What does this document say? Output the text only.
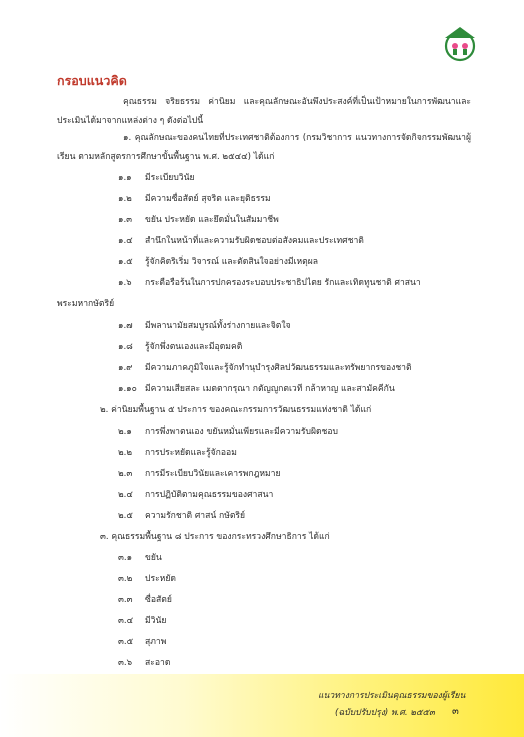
กรอบแนวคิด
คุณธรรม จริยธรรม ค่านิยม และคุณลักษณะอันพึงประสงค์ที่เป็นเป้าหมายในการพัฒนาและประเมินได้มาจากแหล่งต่าง ๆ ดังต่อไปนี้
๑. คุณลักษณะของคนไทยที่ประเทศชาติต้องการ (กรมวิชาการ แนวทางการจัดกิจกรรมพัฒนาผู้เรียน ตามหลักสูตรการศึกษาขั้นพื้นฐาน พ.ศ. ๒๕๔๔) ได้แก่
๑.๑ มีระเบียบวินัย
๑.๒ มีความซื่อสัตย์ สุจริต และยุติธรรม
๑.๓ ขยัน ประหยัด และยึดมั่นในสัมมาชีพ
๑.๔ สำนึกในหน้าที่และความรับผิดชอบต่อสังคมและประเทศชาติ
๑.๕ รู้จักคิดริเริ่ม วิจารณ์ และตัดสินใจอย่างมีเหตุผล
๑.๖ กระตือรือร้นในการปกครองระบอบประชาธิปไตย รักและเทิดทูนชาติ ศาสนา
พระมหากษัตริย์
๑.๗ มีพลานามัยสมบูรณ์ทั้งร่างกายและจิตใจ
๑.๘ รู้จักพึ่งตนเองและมีอุดมคติ
๑.๙ มีความภาคภูมิใจและรู้จักทำนุบำรุงศิลปวัฒนธรรมและทรัพยากรของชาติ
๑.๑๐ มีความเสียสละ เมตตากรุณา กตัญญูกตเวที กล้าหาญ และสามัคคีกัน
๒. ค่านิยมพื้นฐาน ๕ ประการ ของคณะกรรมการวัฒนธรรมแห่งชาติ ได้แก่
๒.๑ การพึ่งพาตนเอง ขยันหมั่นเพียรและมีความรับผิดชอบ
๒.๒ การประหยัดและรู้จักออม
๒.๓ การมีระเบียบวินัยและเคารพกฎหมาย
๒.๔ การปฏิบัติตามคุณธรรมของศาสนา
๒.๕ ความรักชาติ ศาสน์ กษัตริย์
๓. คุณธรรมพื้นฐาน ๘ ประการ ของกระทรวงศึกษาธิการ ได้แก่
๓.๑ ขยัน
๓.๒ ประหยัด
๓.๓ ซื่อสัตย์
๓.๔ มีวินัย
๓.๕ สุภาพ
๓.๖ สะอาด
แนวทางการประเมินคุณธรรมของผู้เรียน
(ฉบับปรับปรุง) พ.ศ. ๒๕๕๓ ๓
